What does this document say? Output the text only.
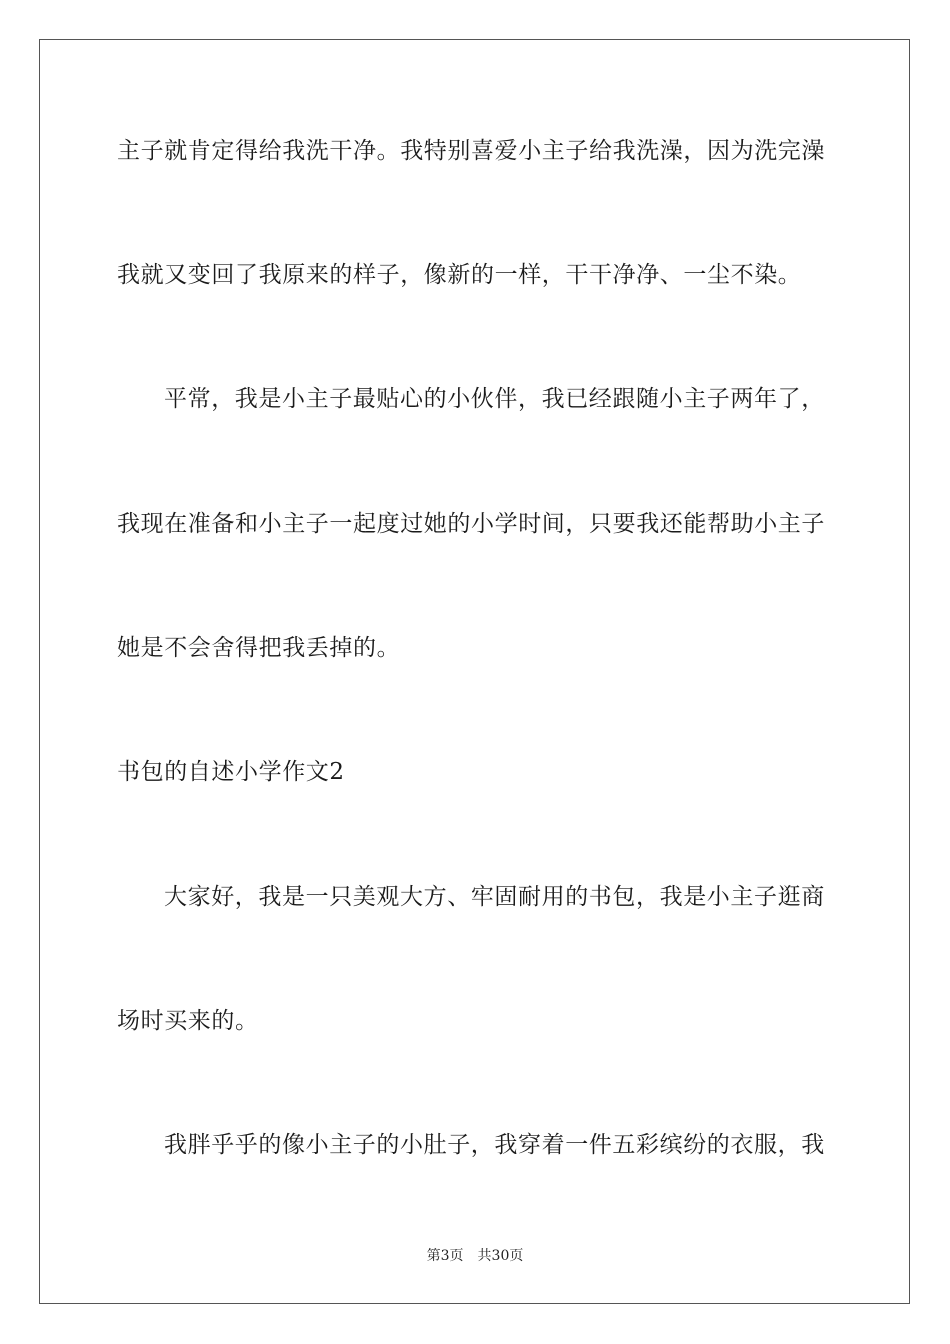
主子就肯定得给我洗干净。我特别喜爱小主子给我洗澡，因为洗完澡
我就又变回了我原来的样子，像新的一样，干干净净、一尘不染。
平常，我是小主子最贴心的小伙伴，我已经跟随小主子两年了，
我现在准备和小主子一起度过她的小学时间，只要我还能帮助小主子
她是不会舍得把我丢掉的。
书包的自述小学作文2
大家好，我是一只美观大方、牢固耐用的书包，我是小主子逛商
场时买来的。
我胖乎乎的像小主子的小肚子，我穿着一件五彩缤纷的衣服，我
第3页 共30页
